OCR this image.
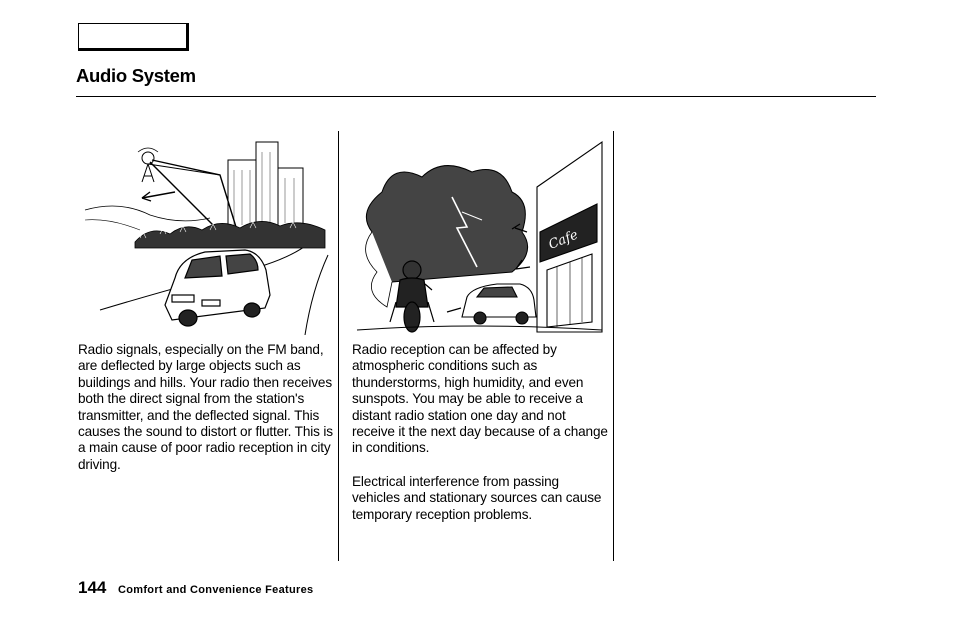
Audio System
Cafe

Radio signals, especially on the FM band, are deflected by large objects such as buildings and hills. Your radio then receives both the direct signal from the station's transmitter, and the deflected signal. This causes the sound to distort or flutter. This is a main cause of poor radio reception in city driving.

Radio reception can be affected by atmospheric conditions such as thunderstorms, high humidity, and even sunspots. You may be able to receive a distant radio station one day and not receive it the next day because of a change in conditions.

Electrical interference from passing vehicles and stationary sources can cause temporary reception problems.

144 Comfort and Convenience Features
